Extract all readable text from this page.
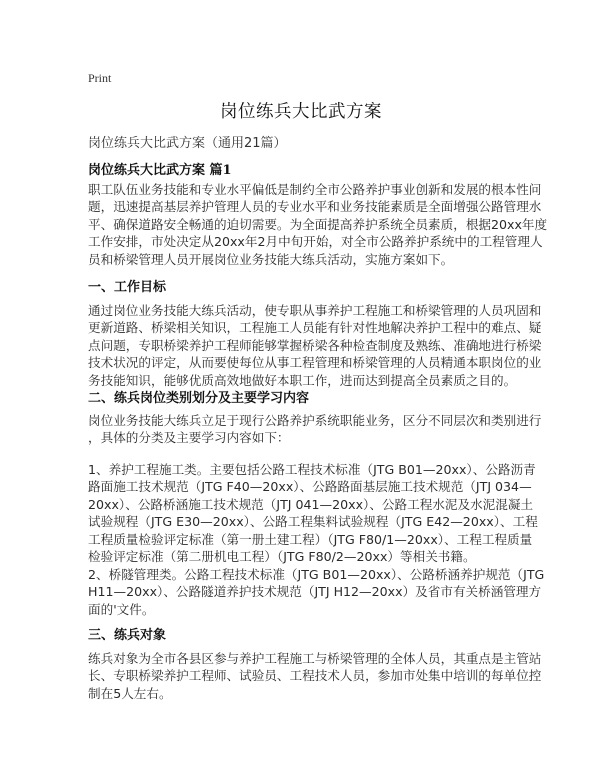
Print
岗位练兵大比武方案
岗位练兵大比武方案（通用21篇）
岗位练兵大比武方案 篇1
职工队伍业务技能和专业水平偏低是制约全市公路养护事业创新和发展的根本性问
题，迅速提高基层养护管理人员的专业水平和业务技能素质是全面增强公路管理水
平、确保道路安全畅通的迫切需要。为全面提高养护系统全员素质，根据20xx年度
工作安排，市处决定从20xx年2月中旬开始，对全市公路养护系统中的工程管理人
员和桥梁管理人员开展岗位业务技能大练兵活动，实施方案如下。
一、工作目标
通过岗位业务技能大练兵活动，使专职从事养护工程施工和桥梁管理的人员巩固和
更新道路、桥梁相关知识，工程施工人员能有针对性地解决养护工程中的难点、疑
点问题，专职桥梁养护工程师能够掌握桥梁各种检查制度及熟练、准确地进行桥梁
技术状况的评定，从而要使每位从事工程管理和桥梁管理的人员精通本职岗位的业
务技能知识，能够优质高效地做好本职工作，进而达到提高全员素质之目的。
二、练兵岗位类别划分及主要学习内容
岗位业务技能大练兵立足于现行公路养护系统职能业务，区分不同层次和类别进行
，具体的分类及主要学习内容如下：
1、养护工程施工类。主要包括公路工程技术标准（JTG B01—20xx）、公路沥青
路面施工技术规范（JTG F40—20xx）、公路路面基层施工技术规范（JTJ 034—
20xx）、公路桥涵施工技术规范（JTJ 041—20xx）、公路工程水泥及水泥混凝土
试验规程（JTG E30—20xx）、公路工程集料试验规程（JTG E42—20xx）、工程
工程质量检验评定标准（第一册土建工程）（JTG F80/1—20xx）、工程工程质量
检验评定标准（第二册机电工程）（JTG F80/2—20xx）等相关书籍。
2、桥隧管理类。公路工程技术标准（JTG B01—20xx）、公路桥涵养护规范（JTG
H11—20xx）、公路隧道养护技术规范（JTJ H12—20xx）及省市有关桥涵管理方
面的'文件。
三、练兵对象
练兵对象为全市各县区参与养护工程施工与桥梁管理的全体人员，其重点是主管站
长、专职桥梁养护工程师、试验员、工程技术人员，参加市处集中培训的每单位控
制在5人左右。
